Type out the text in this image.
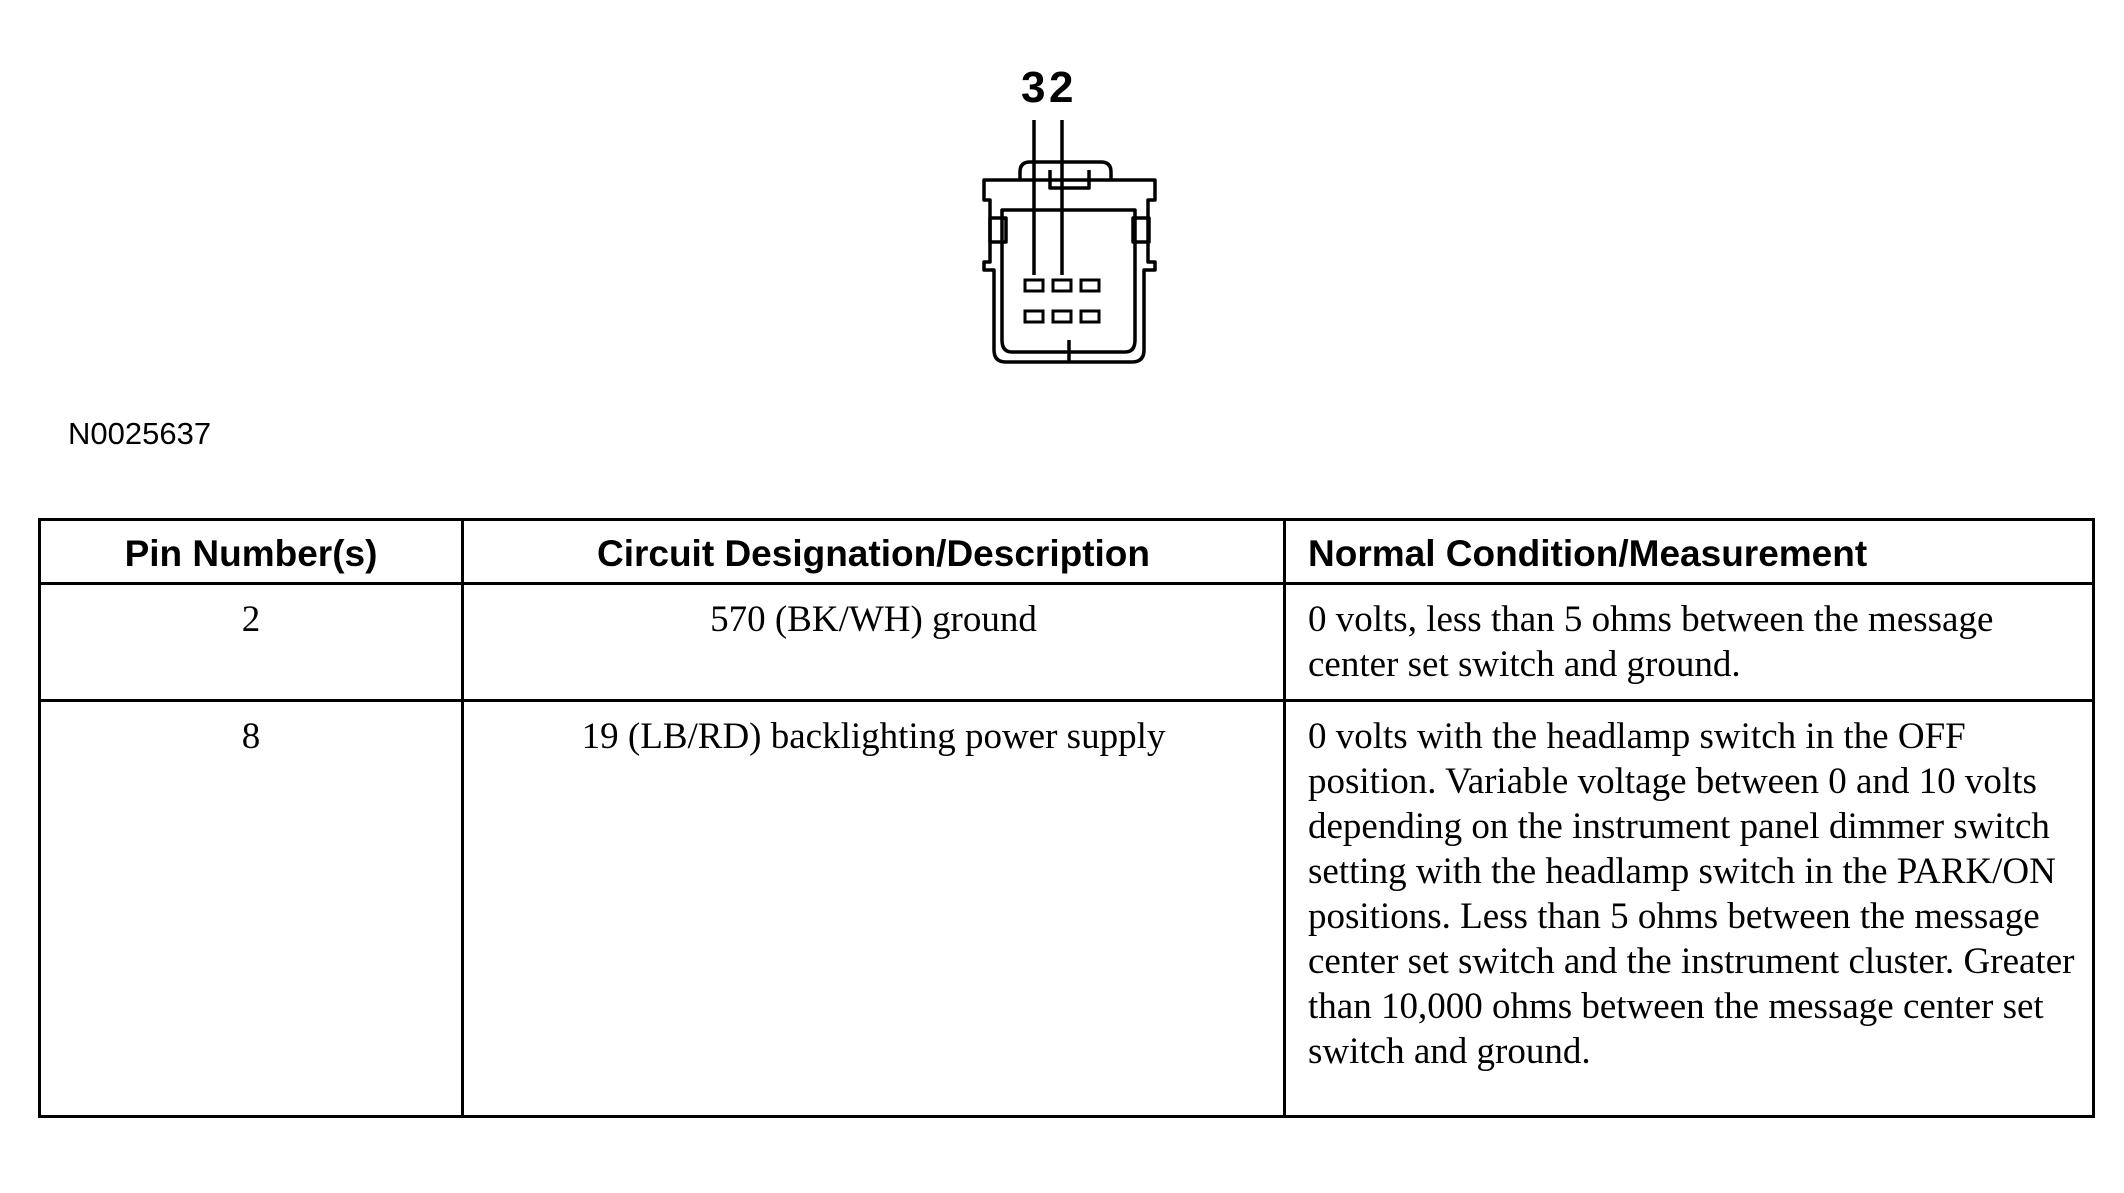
3 2
N0025637
Pin Number(s)	Circuit Designation/Description	Normal Condition/Measurement
2	570 (BK/WH) ground	0 volts, less than 5 ohms between the message center set switch and ground.
8	19 (LB/RD) backlighting power supply	0 volts with the headlamp switch in the OFF position. Variable voltage between 0 and 10 volts depending on the instrument panel dimmer switch setting with the headlamp switch in the PARK/ON positions. Less than 5 ohms between the message center set switch and the instrument cluster. Greater than 10,000 ohms between the message center set switch and ground.
